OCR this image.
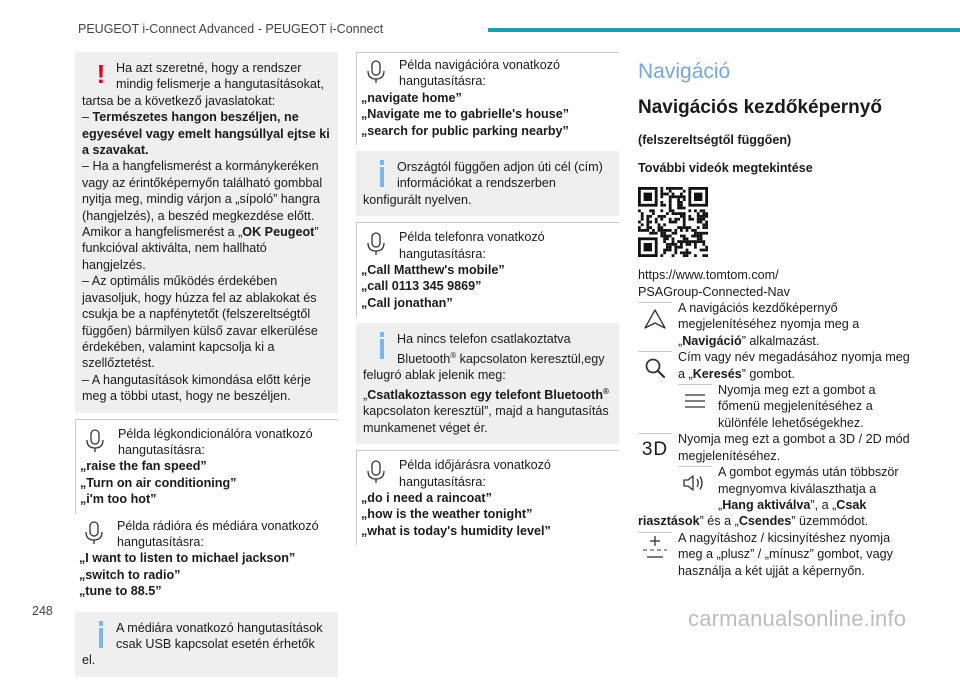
PEUGEOT i-Connect Advanced - PEUGEOT i-Connect
! Ha azt szeretné, hogy a rendszer mindig felismerje a hangutasításokat, tartsa be a következő javaslatokat:

– Természetes hangon beszéljen, ne egyesével vagy emelt hangsúllyal ejtse ki a szavakat.

– Ha a hangfelismerést a kormánykeréken vagy az érintőképernyőn található gombbal nyitja meg, mindig várjon a „sípoló” hangra (hangjelzés), a beszéd megkezdése előtt.

Amikor a hangfelismerést a „OK Peugeot” funkcióval aktiválta, nem hallható hangjelzés.

– Az optimális működés érdekében javasoljuk, hogy húzza fel az ablakokat és csukja be a napfénytetőt (felszereltségtől függően) bármilyen külső zavar elkerülése érdekében, valamint kapcsolja ki a szellőztetést.

– A hangutasítások kimondása előtt kérje meg a többi utast, hogy ne beszéljen.

Példa légkondicionálóra vonatkozó hangutasításra:
„raise the fan speed”
„Turn on air conditioning”
„i'm too hot”
Példa rádióra és médiára vonatkozó hangutasításra:
„I want to listen to michael jackson”
„switch to radio”
„tune to 88.5”

A médiára vonatkozó hangutasítások csak USB kapcsolat esetén érhetők el.

Példa navigációra vonatkozó hangutasításra:
„navigate home”
„Navigate me to gabrielle's house”
„search for public parking nearby”

Országtól függően adjon úti cél (cím) információkat a rendszerben konfigurált nyelven.

Példa telefonra vonatkozó hangutasításra:
„Call Matthew's mobile”
„call 0113 345 9869”
„Call jonathan”

Ha nincs telefon csatlakoztatva Bluetooth® kapcsolaton keresztül,egy felugró ablak jelenik meg: „Csatlakoztasson egy telefont Bluetooth® kapcsolaton keresztül”, majd a hangutasítás munkamenet véget ér.

Példa időjárásra vonatkozó hangutasításra:
„do i need a raincoat”
„how is the weather tonight”
„what is today's humidity level”
Navigáció
Navigációs kezdőképernyő
(felszereltségtől függően)
További videók megtekintése
https://www.tomtom.com/ PSAGroup-Connected-Nav
A navigációs kezdőképernyő megjelenítéséhez nyomja meg a „Navigáció” alkalmazást.
Cím vagy név megadásához nyomja meg a „Keresés” gombot.
Nyomja meg ezt a gombot a főmenü megjelenítéséhez a különféle lehetőségekhez.
3D Nyomja meg ezt a gombot a 3D / 2D mód megjelenítéséhez.
A gombot egymás után többször megnyomva kiválaszthatja a „Hang aktiválva”, a „Csak riasztások” és a „Csendes” üzemmódot.
A nagyításhoz / kicsinyítéshez nyomja meg a „plusz” / „mínusz” gombot, vagy használja a két ujját a képernyőn.
248	carmanualsonline.info
